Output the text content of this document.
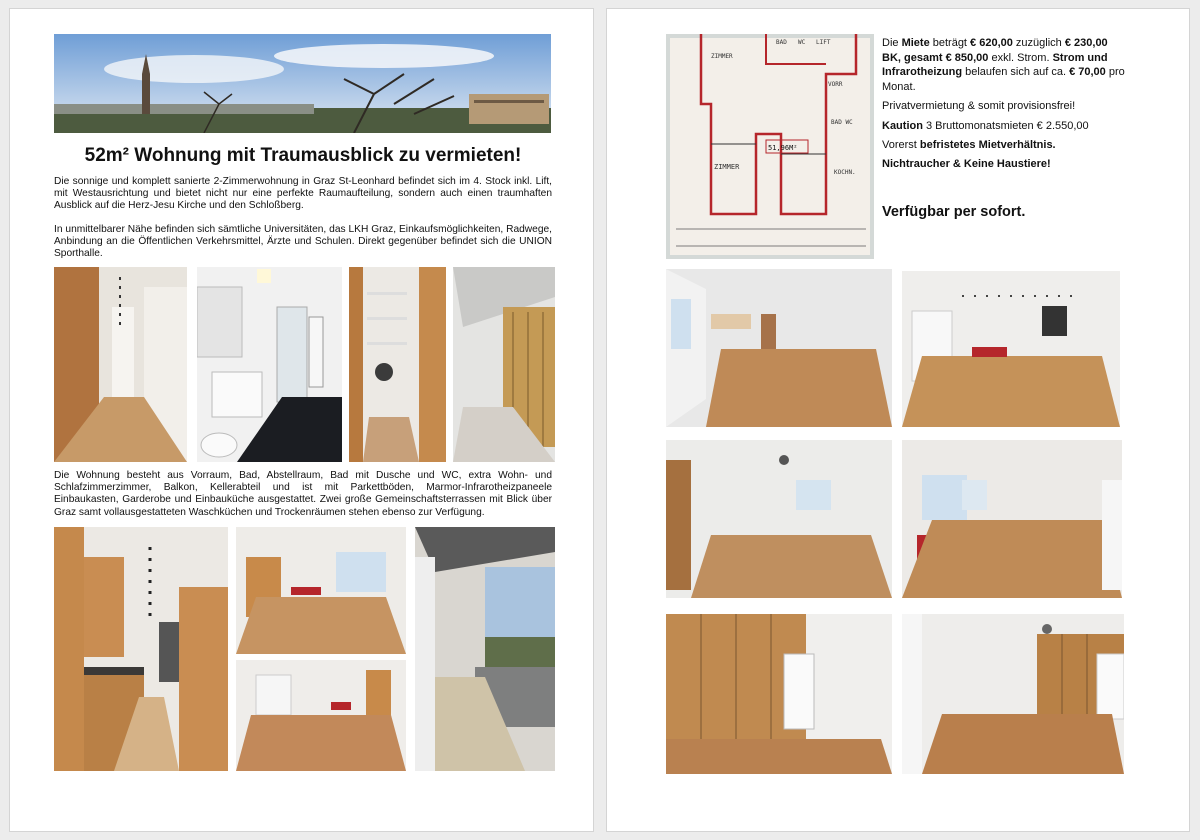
52m² Wohnung mit Traumausblick zu vermieten!

Die sonnige und komplett sanierte 2-Zimmerwohnung in Graz St-Leonhard befindet sich im 4. Stock inkl. Lift, mit Westausrichtung und bietet nicht nur eine perfekte Raumaufteilung, sondern auch einen traumhaften Ausblick auf die Herz-Jesu Kirche und den Schloßberg.

In unmittelbarer Nähe befinden sich sämtliche Universitäten, das LKH Graz, Einkaufsmöglichkeiten, Radwege, Anbindung an die Öffentlichen Verkehrsmittel, Ärzte und Schulen. Direkt gegenüber befindet sich die UNION Sporthalle.

Die Wohnung besteht aus Vorraum, Bad, Abstellraum, Bad mit Dusche und WC, extra Wohn- und Schlafzimmerzimmer, Balkon, Kellerabteil und ist mit Parkettböden, Marmor-Infrarotheizpaneele Einbaukasten, Garderobe und Einbauküche ausgestattet. Zwei große Gemeinschaftsterrassen mit Blick über Graz samt vollausgestatteten Waschküchen und Trockenräumen stehen ebenso zur Verfügung.

BAD WC LIFT
ZIMMER
ZIMMER
51,96M²
VORR
BAD WC
KOCHN.

Die Miete beträgt € 620,00 zuzüglich € 230,00 BK, gesamt € 850,00 exkl. Strom. Strom und Infrarotheizung belaufen sich auf ca. € 70,00 pro Monat.

Privatvermietung & somit provisionsfrei!

Kaution 3 Bruttomonatsmieten € 2.550,00

Vorerst befristetes Mietverhältnis.

Nichtraucher & Keine Haustiere!

Verfügbar per sofort.
